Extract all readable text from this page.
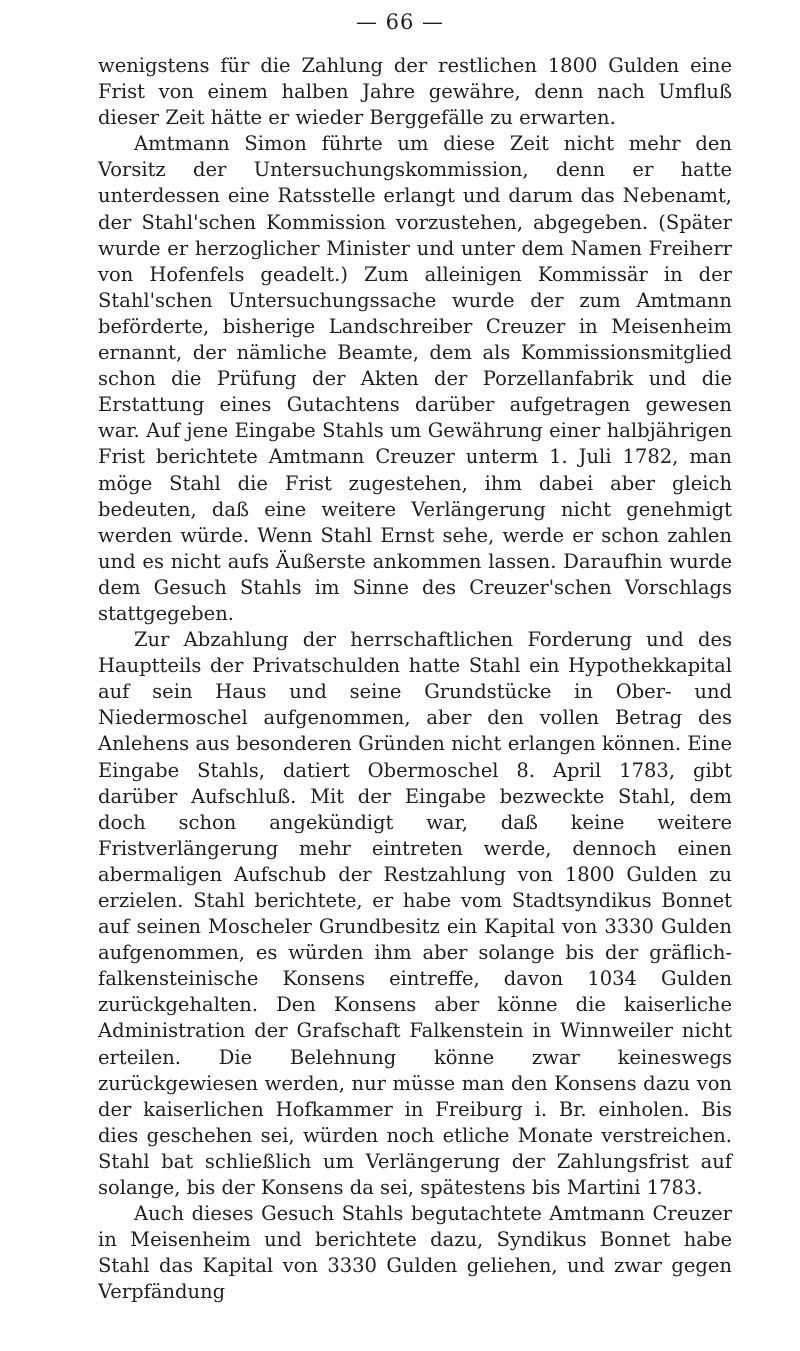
— 66 —

wenigstens für die Zahlung der restlichen 1800 Gulden eine Frist von einem halben Jahre gewähre, denn nach Umfluß dieser Zeit hätte er wieder Berggefälle zu erwarten.

Amtmann Simon führte um diese Zeit nicht mehr den Vorsitz der Untersuchungskommission, denn er hatte unterdessen eine Ratsstelle erlangt und darum das Nebenamt, der Stahl'schen Kommission vorzustehen, abgegeben. (Später wurde er herzoglicher Minister und unter dem Namen Freiherr von Hofenfels geadelt.) Zum alleinigen Kommissär in der Stahl'schen Untersuchungssache wurde der zum Amtmann beförderte, bisherige Landschreiber Creuzer in Meisenheim ernannt, der nämliche Beamte, dem als Kommissionsmitglied schon die Prüfung der Akten der Porzellanfabrik und die Erstattung eines Gutachtens darüber aufgetragen gewesen war. Auf jene Eingabe Stahls um Gewährung einer halbjährigen Frist berichtete Amtmann Creuzer unterm 1. Juli 1782, man möge Stahl die Frist zugestehen, ihm dabei aber gleich bedeuten, daß eine weitere Verlängerung nicht genehmigt werden würde. Wenn Stahl Ernst sehe, werde er schon zahlen und es nicht aufs Äußerste ankommen lassen. Daraufhin wurde dem Gesuch Stahls im Sinne des Creuzer'schen Vorschlags stattgegeben.

Zur Abzahlung der herrschaftlichen Forderung und des Hauptteils der Privatschulden hatte Stahl ein Hypothekkapital auf sein Haus und seine Grundstücke in Ober- und Niedermoschel aufgenommen, aber den vollen Betrag des Anlehens aus besonderen Gründen nicht erlangen können. Eine Eingabe Stahls, datiert Obermoschel 8. April 1783, gibt darüber Aufschluß. Mit der Eingabe bezweckte Stahl, dem doch schon angekündigt war, daß keine weitere Fristverlängerung mehr eintreten werde, dennoch einen abermaligen Aufschub der Restzahlung von 1800 Gulden zu erzielen. Stahl berichtete, er habe vom Stadtsyndikus Bonnet auf seinen Moscheler Grundbesitz ein Kapital von 3330 Gulden aufgenommen, es würden ihm aber solange bis der gräflich-falkensteinische Konsens eintreffe, davon 1034 Gulden zurückgehalten. Den Konsens aber könne die kaiserliche Administration der Grafschaft Falkenstein in Winnweiler nicht erteilen. Die Belehnung könne zwar keineswegs zurückgewiesen werden, nur müsse man den Konsens dazu von der kaiserlichen Hofkammer in Freiburg i. Br. einholen. Bis dies geschehen sei, würden noch etliche Monate verstreichen. Stahl bat schließlich um Verlängerung der Zahlungsfrist auf solange, bis der Konsens da sei, spätestens bis Martini 1783.

Auch dieses Gesuch Stahls begutachtete Amtmann Creuzer in Meisenheim und berichtete dazu, Syndikus Bonnet habe Stahl das Kapital von 3330 Gulden geliehen, und zwar gegen Verpfändung
